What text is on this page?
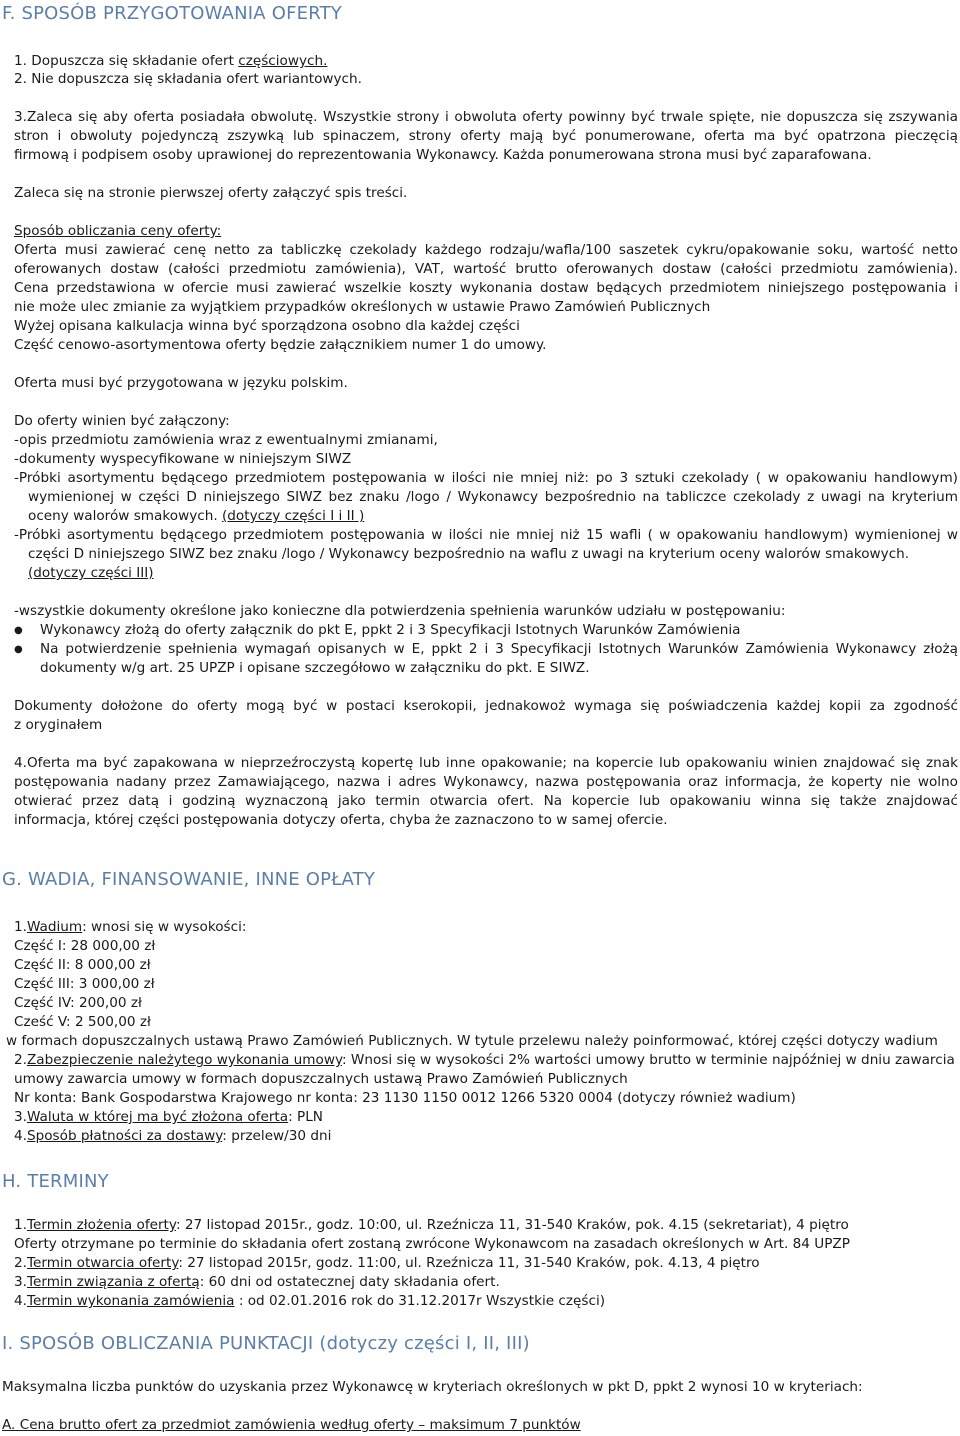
F. SPOSÓB PRZYGOTOWANIA OFERTY
1. Dopuszcza się składanie ofert częściowych.
2. Nie dopuszcza się składania ofert wariantowych.
3.Zaleca się aby oferta posiadała obwolutę. Wszystkie strony i obwoluta oferty powinny być trwale spięte, nie dopuszcza się zszywania
stron i obwoluty pojedynczą zszywką lub spinaczem, strony oferty mają być ponumerowane, oferta ma być opatrzona pieczęcią
firmową i podpisem osoby uprawionej do reprezentowania Wykonawcy. Każda ponumerowana strona musi być zaparafowana.
Zaleca się na stronie pierwszej oferty załączyć spis treści.
Sposób obliczania ceny oferty:
Oferta musi zawierać cenę netto za tabliczkę czekolady każdego rodzaju/wafla/100 saszetek cykru/opakowanie soku, wartość netto
oferowanych dostaw (całości przedmiotu zamówienia), VAT, wartość brutto oferowanych dostaw (całości przedmiotu zamówienia).
Cena przedstawiona w ofercie musi zawierać wszelkie koszty wykonania dostaw będących przedmiotem niniejszego postępowania i
nie może ulec zmianie za wyjątkiem przypadków określonych w ustawie Prawo Zamówień Publicznych
Wyżej opisana kalkulacja winna być sporządzona osobno dla każdej części
Część cenowo-asortymentowa oferty będzie załącznikiem numer 1 do umowy.
Oferta musi być przygotowana w języku polskim.
Do oferty winien być załączony:
-opis przedmiotu zamówienia wraz z ewentualnymi zmianami,
-dokumenty wyspecyfikowane w niniejszym SIWZ
-Próbki asortymentu będącego przedmiotem postępowania w ilości nie mniej niż: po 3 sztuki czekolady ( w opakowaniu handlowym)
wymienionej w części D niniejszego SIWZ bez znaku /logo / Wykonawcy bezpośrednio na tabliczce czekolady z uwagi na kryterium
oceny walorów smakowych. (dotyczy części I i II )
-Próbki asortymentu będącego przedmiotem postępowania w ilości nie mniej niż 15 wafli ( w opakowaniu handlowym) wymienionej w
części D niniejszego SIWZ bez znaku /logo / Wykonawcy bezpośrednio na waflu z uwagi na kryterium oceny walorów smakowych.
(dotyczy części III)
-wszystkie dokumenty określone jako konieczne dla potwierdzenia spełnienia warunków udziału w postępowaniu:
● Wykonawcy złożą do oferty załącznik do pkt E, ppkt 2 i 3 Specyfikacji Istotnych Warunków Zamówienia
● Na potwierdzenie spełnienia wymagań opisanych w E, ppkt 2 i 3 Specyfikacji Istotnych Warunków Zamówienia Wykonawcy złożą
dokumenty w/g art. 25 UPZP i opisane szczegółowo w załączniku do pkt. E SIWZ.
Dokumenty dołożone do oferty mogą być w postaci kserokopii, jednakowoż wymaga się poświadczenia każdej kopii za zgodność
z oryginałem
4.Oferta ma być zapakowana w nieprzeźroczystą kopertę lub inne opakowanie; na kopercie lub opakowaniu winien znajdować się znak
postępowania nadany przez Zamawiającego, nazwa i adres Wykonawcy, nazwa postępowania oraz informacja, że koperty nie wolno
otwierać przez datą i godziną wyznaczoną jako termin otwarcia ofert. Na kopercie lub opakowaniu winna się także znajdować
informacja, której części postępowania dotyczy oferta, chyba że zaznaczono to w samej ofercie.
G. WADIA, FINANSOWANIE, INNE OPŁATY
1.Wadium: wnosi się w wysokości:
Część I: 28 000,00 zł
Część II: 8 000,00 zł
Część III: 3 000,00 zł
Część IV: 200,00 zł
Cześć V: 2 500,00 zł
w formach dopuszczalnych ustawą Prawo Zamówień Publicznych. W tytule przelewu należy poinformować, której części dotyczy wadium
2.Zabezpieczenie należytego wykonania umowy: Wnosi się w wysokości 2% wartości umowy brutto w terminie najpóźniej w dniu zawarcia
umowy zawarcia umowy w formach dopuszczalnych ustawą Prawo Zamówień Publicznych
Nr konta: Bank Gospodarstwa Krajowego nr konta: 23 1130 1150 0012 1266 5320 0004 (dotyczy również wadium)
3.Waluta w której ma być złożona oferta: PLN
4.Sposób płatności za dostawy: przelew/30 dni
H. TERMINY
1.Termin złożenia oferty: 27 listopad 2015r., godz. 10:00, ul. Rzeźnicza 11, 31-540 Kraków, pok. 4.15 (sekretariat), 4 piętro
Oferty otrzymane po terminie do składania ofert zostaną zwrócone Wykonawcom na zasadach określonych w Art. 84 UPZP
2.Termin otwarcia oferty: 27 listopad 2015r, godz. 11:00, ul. Rzeźnicza 11, 31-540 Kraków, pok. 4.13, 4 piętro
3.Termin związania z ofertą: 60 dni od ostatecznej daty składania ofert.
4.Termin wykonania zamówienia : od 02.01.2016 rok do 31.12.2017r Wszystkie części)
I. SPOSÓB OBLICZANIA PUNKTACJI (dotyczy części I, II, III)
Maksymalna liczba punktów do uzyskania przez Wykonawcę w kryteriach określonych w pkt D, ppkt 2 wynosi 10 w kryteriach:
A. Cena brutto ofert za przedmiot zamówienia według oferty – maksimum 7 punktów
